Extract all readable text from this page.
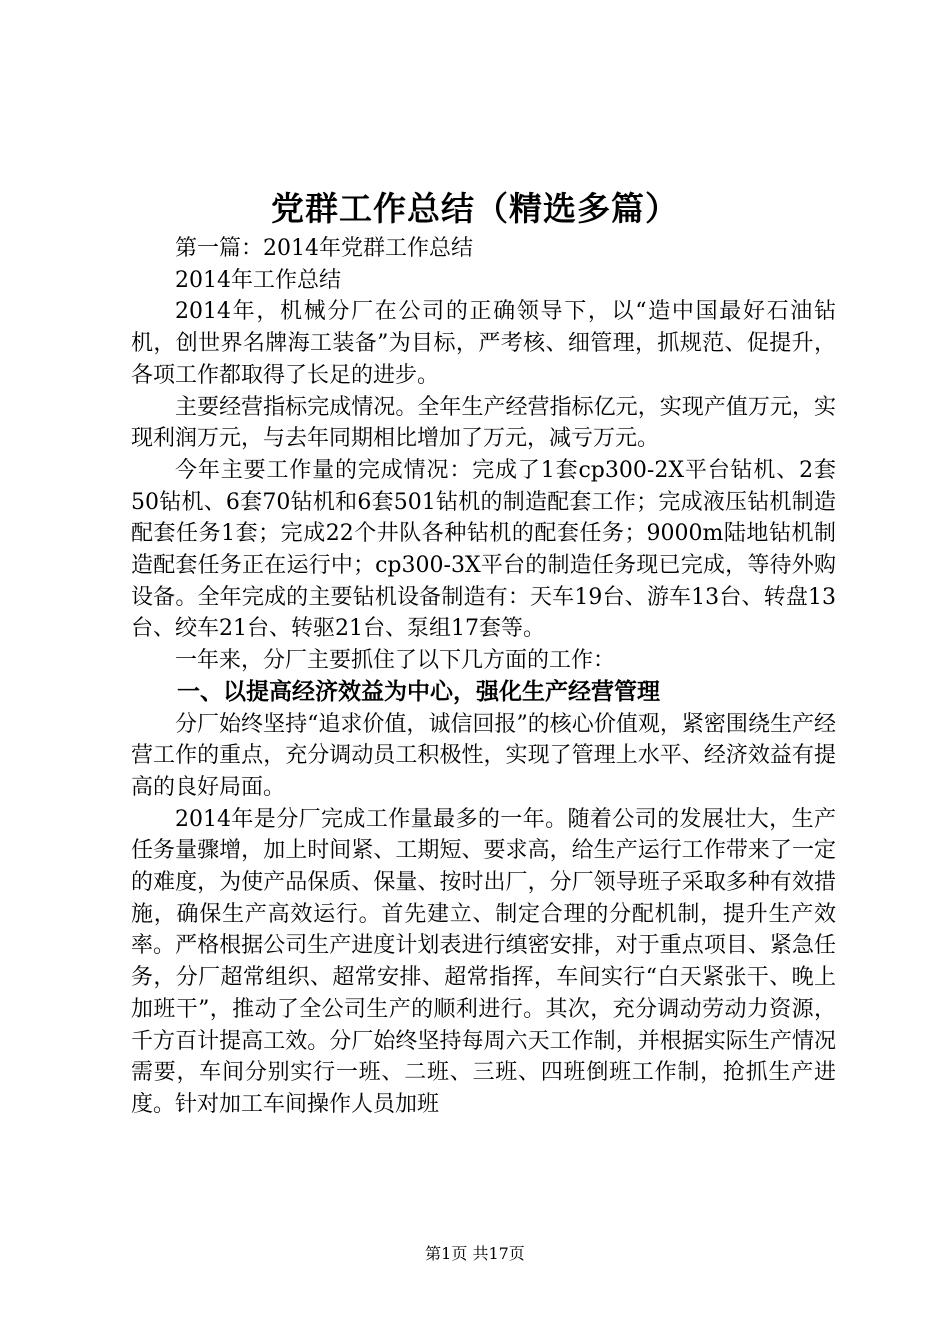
党群工作总结（精选多篇）

第一篇：2014年党群工作总结

2014年工作总结

2014年，机械分厂在公司的正确领导下，以“造中国最好石油钻机，创世界名牌海工装备”为目标，严考核、细管理，抓规范、促提升，各项工作都取得了长足的进步。

主要经营指标完成情况。全年生产经营指标亿元，实现产值万元，实现利润万元，与去年同期相比增加了万元，减亏万元。

今年主要工作量的完成情况：完成了1套cp300-2X平台钻机、2套50钻机、6套70钻机和6套501钻机的制造配套工作；完成液压钻机制造配套任务1套；完成22个井队各种钻机的配套任务；9000m陆地钻机制造配套任务正在运行中；cp300-3X平台的制造任务现已完成，等待外购设备。全年完成的主要钻机设备制造有：天车19台、游车13台、转盘13台、绞车21台、转驱21台、泵组17套等。

一年来，分厂主要抓住了以下几方面的工作：

一、以提高经济效益为中心，强化生产经营管理

分厂始终坚持“追求价值，诚信回报”的核心价值观，紧密围绕生产经营工作的重点，充分调动员工积极性，实现了管理上水平、经济效益有提高的良好局面。

2014年是分厂完成工作量最多的一年。随着公司的发展壮大，生产任务量骤增，加上时间紧、工期短、要求高，给生产运行工作带来了一定的难度，为使产品保质、保量、按时出厂，分厂领导班子采取多种有效措施，确保生产高效运行。首先建立、制定合理的分配机制，提升生产效率。严格根据公司生产进度计划表进行缜密安排，对于重点项目、紧急任务，分厂超常组织、超常安排、超常指挥，车间实行“白天紧张干、晚上加班干”，推动了全公司生产的顺利进行。其次，充分调动劳动力资源，千方百计提高工效。分厂始终坚持每周六天工作制，并根据实际生产情况需要，车间分别实行一班、二班、三班、四班倒班工作制，抢抓生产进度。针对加工车间操作人员加班

第1页 共17页
